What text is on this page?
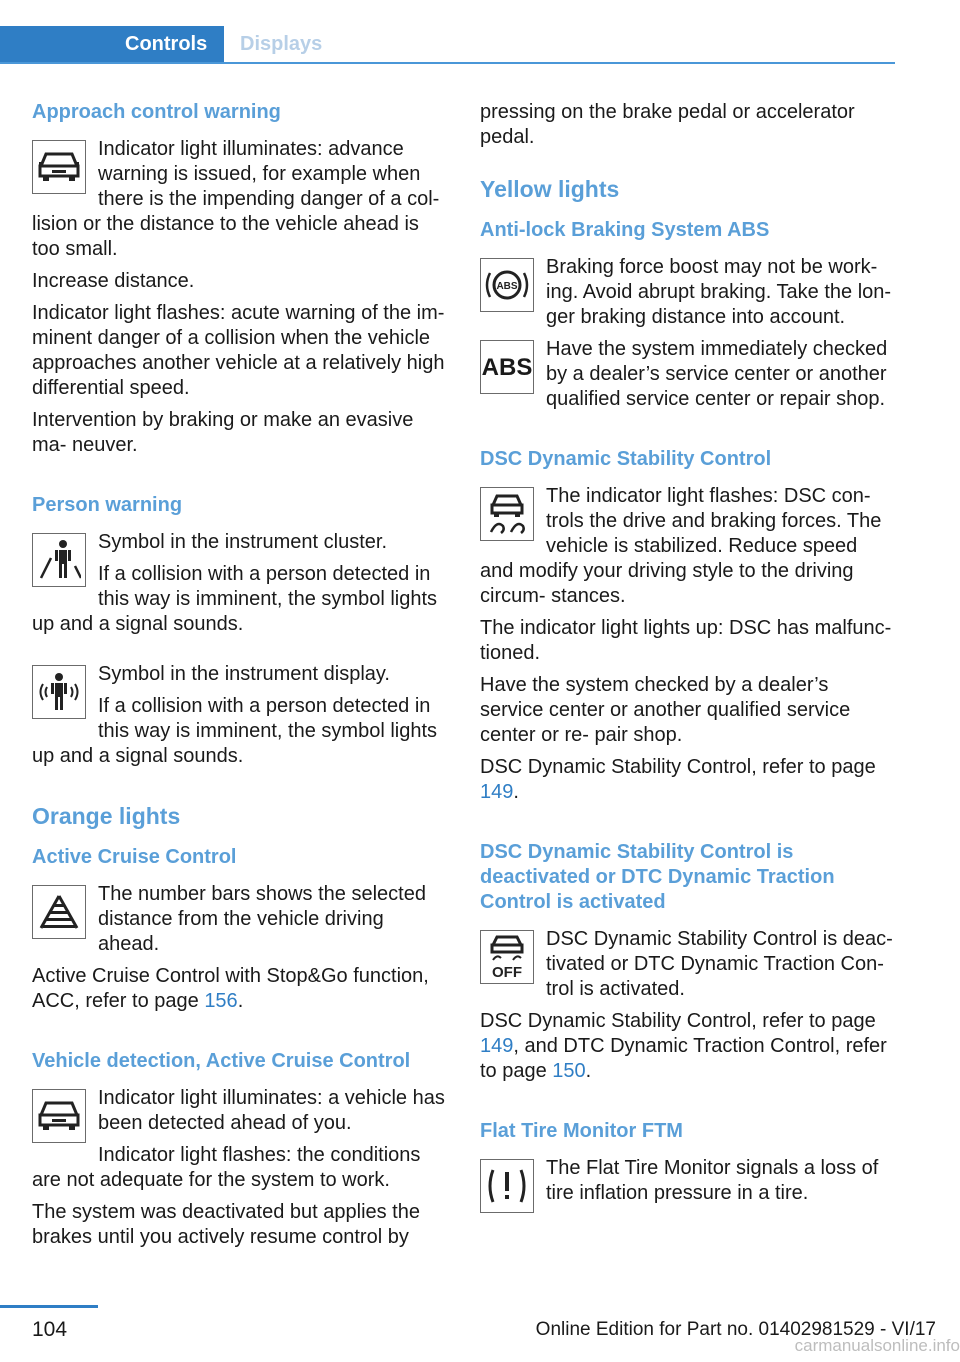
Controls Displays
Approach control warning

Indicator light illuminates: advance warning is issued, for example when there is the impending danger of a col‐ lision or the distance to the vehicle ahead is too small.

Increase distance.

Indicator light flashes: acute warning of the im‐ minent danger of a collision when the vehicle approaches another vehicle at a relatively high differential speed.

Intervention by braking or make an evasive ma‐ neuver.

Person warning

Symbol in the instrument cluster.

If a collision with a person detected in this way is imminent, the symbol lights up and a signal sounds.

Symbol in the instrument display.

If a collision with a person detected in this way is imminent, the symbol lights up and a signal sounds.

Orange lights
Active Cruise Control

The number bars shows the selected distance from the vehicle driving ahead.

Active Cruise Control with Stop&Go function, ACC, refer to page 156.

Vehicle detection, Active Cruise Control

Indicator light illuminates: a vehicle has been detected ahead of you.

Indicator light flashes: the conditions are not adequate for the system to work.

The system was deactivated but applies the brakes until you actively resume control by

pressing on the brake pedal or accelerator pedal.

Yellow lights
Anti-lock Braking System ABS
ABS

Braking force boost may not be work‐ ing. Avoid abrupt braking. Take the lon‐ ger braking distance into account.

ABS

Have the system immediately checked by a dealer’s service center or another qualified service center or repair shop.

DSC Dynamic Stability Control

The indicator light flashes: DSC con‐ trols the drive and braking forces. The vehicle is stabilized. Reduce speed and modify your driving style to the driving circum‐ stances.

The indicator light lights up: DSC has malfunc‐ tioned.

Have the system checked by a dealer’s service center or another qualified service center or re‐ pair shop.

DSC Dynamic Stability Control, refer to page 149.

DSC Dynamic Stability Control is deactivated or DTC Dynamic Traction Control is activated
OFF

DSC Dynamic Stability Control is deac‐ tivated or DTC Dynamic Traction Con‐ trol is activated.

DSC Dynamic Stability Control, refer to page 149, and DTC Dynamic Traction Control, refer to page 150.

Flat Tire Monitor FTM

The Flat Tire Monitor signals a loss of tire inflation pressure in a tire.

104	Online Edition for Part no. 01402981529 - VI/17
carmanualsonline.info
